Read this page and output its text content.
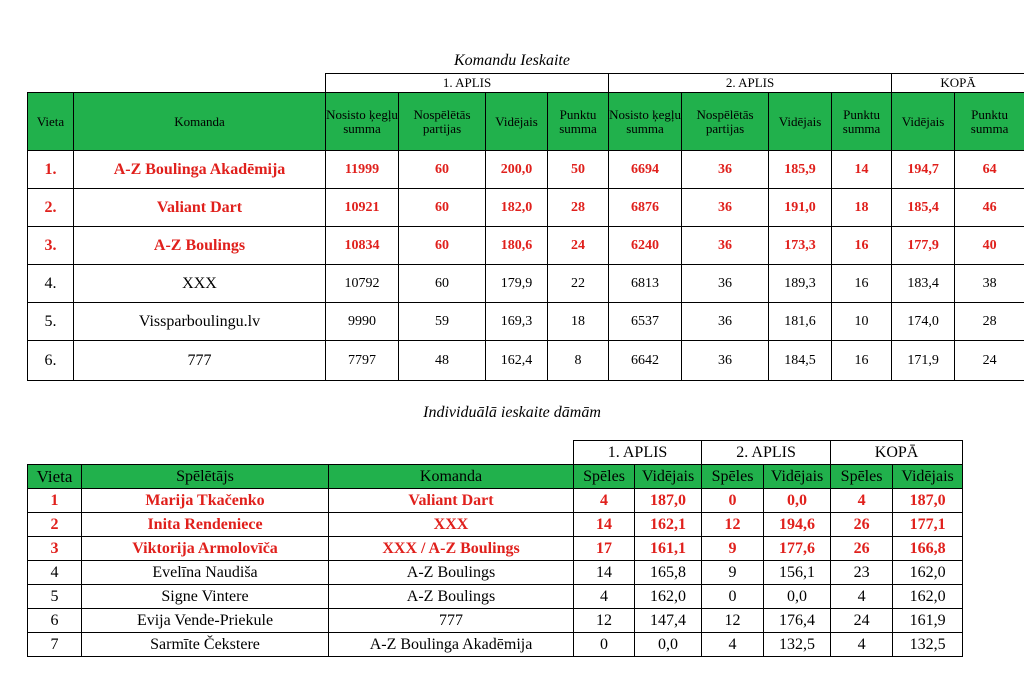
Komandu Ieskaite
		1. APLIS				2. APLIS				KOPĀ	
Vieta	Komanda	Nosisto ķegļu summa	Nospēlētās partijas	Vidējais	Punktu summa	Nosisto ķegļu summa	Nospēlētās partijas	Vidējais	Punktu summa	Vidējais	Punktu summa
1.	A-Z Boulinga Akadēmija	11999	60	200,0	50	6694	36	185,9	14	194,7	64
2.	Valiant Dart	10921	60	182,0	28	6876	36	191,0	18	185,4	46
3.	A-Z Boulings	10834	60	180,6	24	6240	36	173,3	16	177,9	40
4.	XXX	10792	60	179,9	22	6813	36	189,3	16	183,4	38
5.	Vissparboulingu.lv	9990	59	169,3	18	6537	36	181,6	10	174,0	28
6.	777	7797	48	162,4	8	6642	36	184,5	16	171,9	24
Individuālā ieskaite dāmām
			1. APLIS		2. APLIS		KOPĀ	
Vieta	Spēlētājs	Komanda	Spēles	Vidējais	Spēles	Vidējais	Spēles	Vidējais
1	Marija Tkačenko	Valiant Dart	4	187,0	0	0,0	4	187,0
2	Inita Rendeniece	XXX	14	162,1	12	194,6	26	177,1
3	Viktorija Armolovīča	XXX / A-Z Boulings	17	161,1	9	177,6	26	166,8
4	Evelīna Naudiša	A-Z Boulings	14	165,8	9	156,1	23	162,0
5	Signe Vintere	A-Z Boulings	4	162,0	0	0,0	4	162,0
6	Evija Vende-Priekule	777	12	147,4	12	176,4	24	161,9
7	Sarmīte Čekstere	A-Z Boulinga Akadēmija	0	0,0	4	132,5	4	132,5
